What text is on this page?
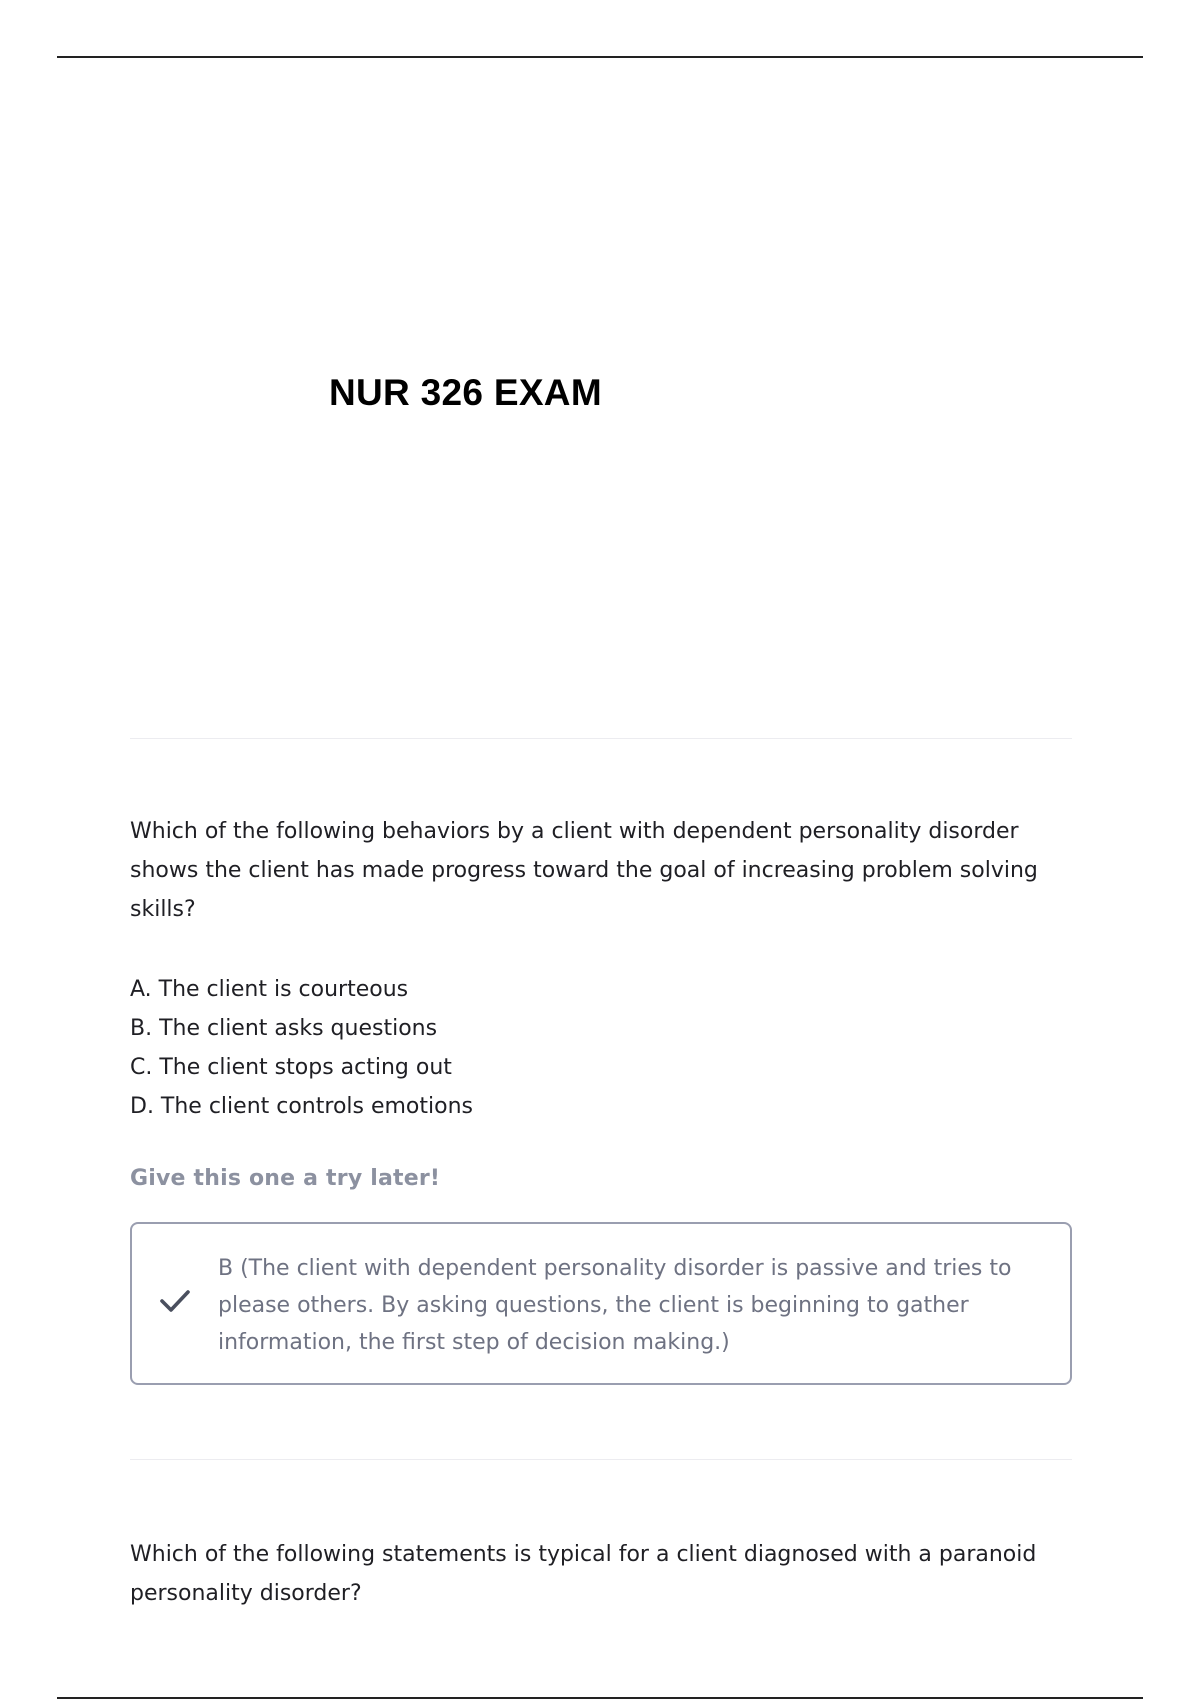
NUR 326 EXAM

Which of the following behaviors by a client with dependent personality disorder shows the client has made progress toward the goal of increasing problem solving skills?

A. The client is courteous
B. The client asks questions
C. The client stops acting out
D. The client controls emotions
Give this one a try later!

B (The client with dependent personality disorder is passive and tries to please others. By asking questions, the client is beginning to gather information, the first step of decision making.)

Which of the following statements is typical for a client diagnosed with a paranoid personality disorder?
